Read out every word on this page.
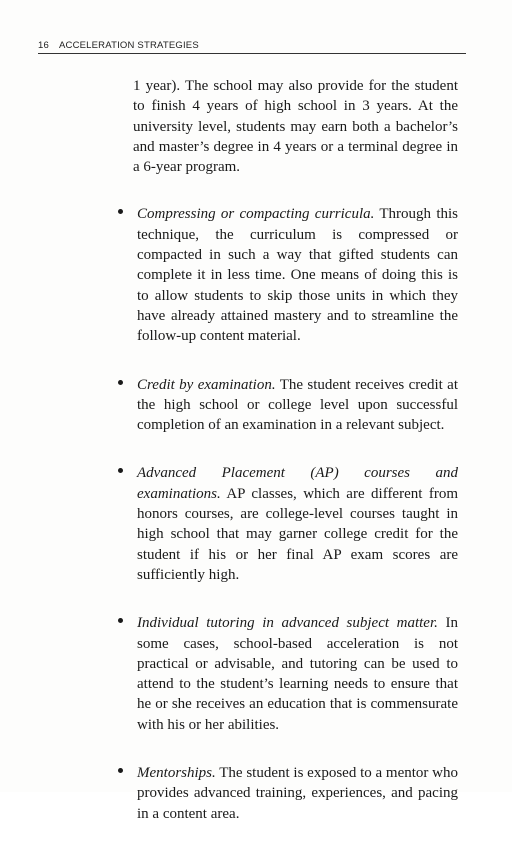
16 ACCELERATION STRATEGIES

1 year). The school may also provide for the student to finish 4 years of high school in 3 years. At the university level, students may earn both a bachelor’s and master’s degree in 4 years or a terminal degree in a 6-year program.

Compressing or compacting curricula. Through this technique, the curriculum is compressed or compacted in such a way that gifted students can complete it in less time. One means of doing this is to allow students to skip those units in which they have already attained mastery and to streamline the follow-up content material.

Credit by examination. The student receives credit at the high school or college level upon successful completion of an examination in a relevant subject.

Advanced Placement (AP) courses and examinations. AP classes, which are different from honors courses, are college-level courses taught in high school that may garner college credit for the student if his or her final AP exam scores are sufficiently high.

Individual tutoring in advanced subject matter. In some cases, school-based acceleration is not practical or advisable, and tutoring can be used to attend to the student’s learning needs to ensure that he or she receives an education that is commensurate with his or her abilities.

Mentorships. The student is exposed to a mentor who provides advanced training, experiences, and pacing in a content area.
